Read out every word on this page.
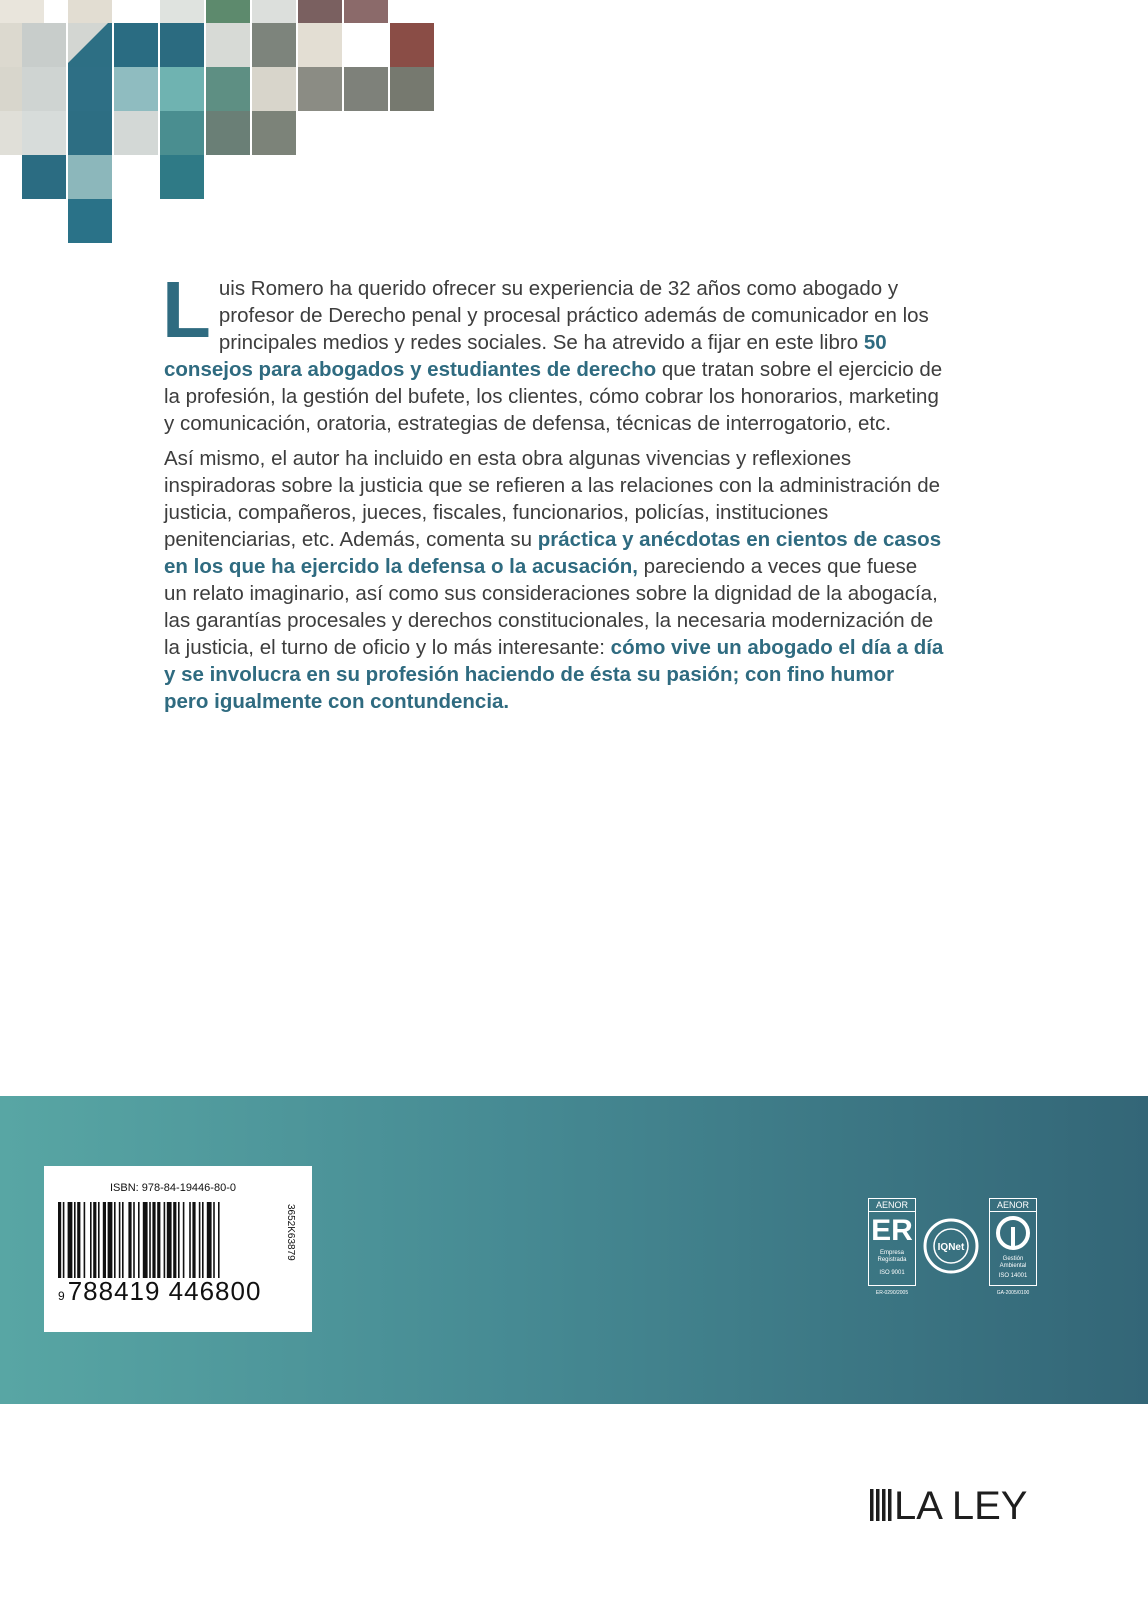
Luis Romero ha querido ofrecer su experiencia de 32 años como abogado y profesor de Derecho penal y procesal práctico además de comunicador en los principales medios y redes sociales. Se ha atrevido a fijar en este libro 50 consejos para abogados y estudiantes de derecho que tratan sobre el ejercicio de la profesión, la gestión del bufete, los clientes, cómo cobrar los honorarios, marketing y comunicación, oratoria, estrategias de defensa, técnicas de interrogatorio, etc.

Así mismo, el autor ha incluido en esta obra algunas vivencias y reflexiones inspiradoras sobre la justicia que se refieren a las relaciones con la administración de justicia, compañeros, jueces, fiscales, funcionarios, policías, instituciones penitenciarias, etc. Además, comenta su práctica y anécdotas en cientos de casos en los que ha ejercido la defensa o la acusación, pareciendo a veces que fuese un relato imaginario, así como sus consideraciones sobre la dignidad de la abogacía, las garantías procesales y derechos constitucionales, la necesaria modernización de la justicia, el turno de oficio y lo más interesante: cómo vive un abogado el día a día y se involucra en su profesión haciendo de ésta su pasión; con fino humor pero igualmente con contundencia.

ISBN: 978-84-19446-80-0
9788419 446800
3652K63879	AENOR
ER
Empresa Registrada
ISO 9001
ER-0290/2005
IQNet
AENOR
Gestión Ambiental
ISO 14001
GA-2005/0100
LA LEY
